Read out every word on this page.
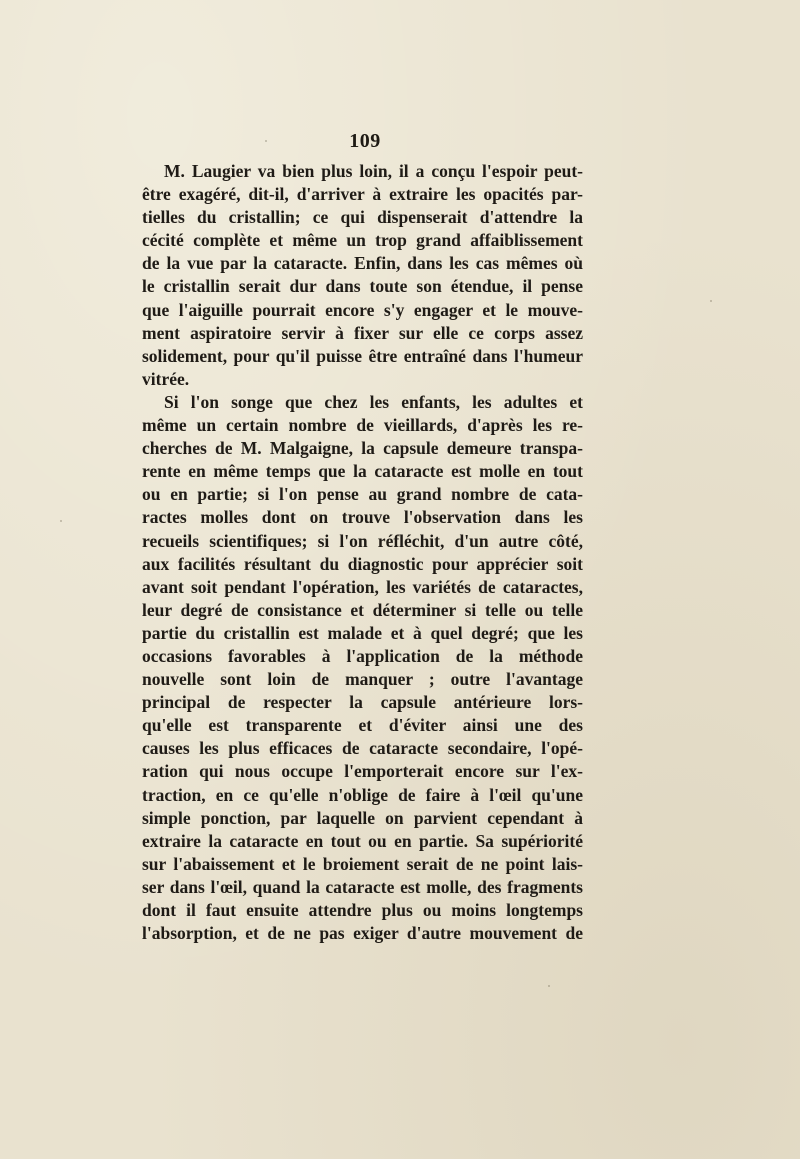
109
M. Laugier va bien plus loin, il a conçu l'espoir peut-
être exagéré, dit-il, d'arriver à extraire les opacités par-
tielles du cristallin; ce qui dispenserait d'attendre la
cécité complète et même un trop grand affaiblissement
de la vue par la cataracte. Enfin, dans les cas mêmes où
le cristallin serait dur dans toute son étendue, il pense
que l'aiguille pourrait encore s'y engager et le mouve-
ment aspiratoire servir à fixer sur elle ce corps assez
solidement, pour qu'il puisse être entraîné dans l'humeur
vitrée.
Si l'on songe que chez les enfants, les adultes et
même un certain nombre de vieillards, d'après les re-
cherches de M. Malgaigne, la capsule demeure transpa-
rente en même temps que la cataracte est molle en tout
ou en partie; si l'on pense au grand nombre de cata-
ractes molles dont on trouve l'observation dans les
recueils scientifiques; si l'on réfléchit, d'un autre côté,
aux facilités résultant du diagnostic pour apprécier soit
avant soit pendant l'opération, les variétés de cataractes,
leur degré de consistance et déterminer si telle ou telle
partie du cristallin est malade et à quel degré; que les
occasions favorables à l'application de la méthode
nouvelle sont loin de manquer ; outre l'avantage
principal de respecter la capsule antérieure lors-
qu'elle est transparente et d'éviter ainsi une des
causes les plus efficaces de cataracte secondaire, l'opé-
ration qui nous occupe l'emporterait encore sur l'ex-
traction, en ce qu'elle n'oblige de faire à l'œil qu'une
simple ponction, par laquelle on parvient cependant à
extraire la cataracte en tout ou en partie. Sa supériorité
sur l'abaissement et le broiement serait de ne point lais-
ser dans l'œil, quand la cataracte est molle, des fragments
dont il faut ensuite attendre plus ou moins longtemps
l'absorption, et de ne pas exiger d'autre mouvement de
